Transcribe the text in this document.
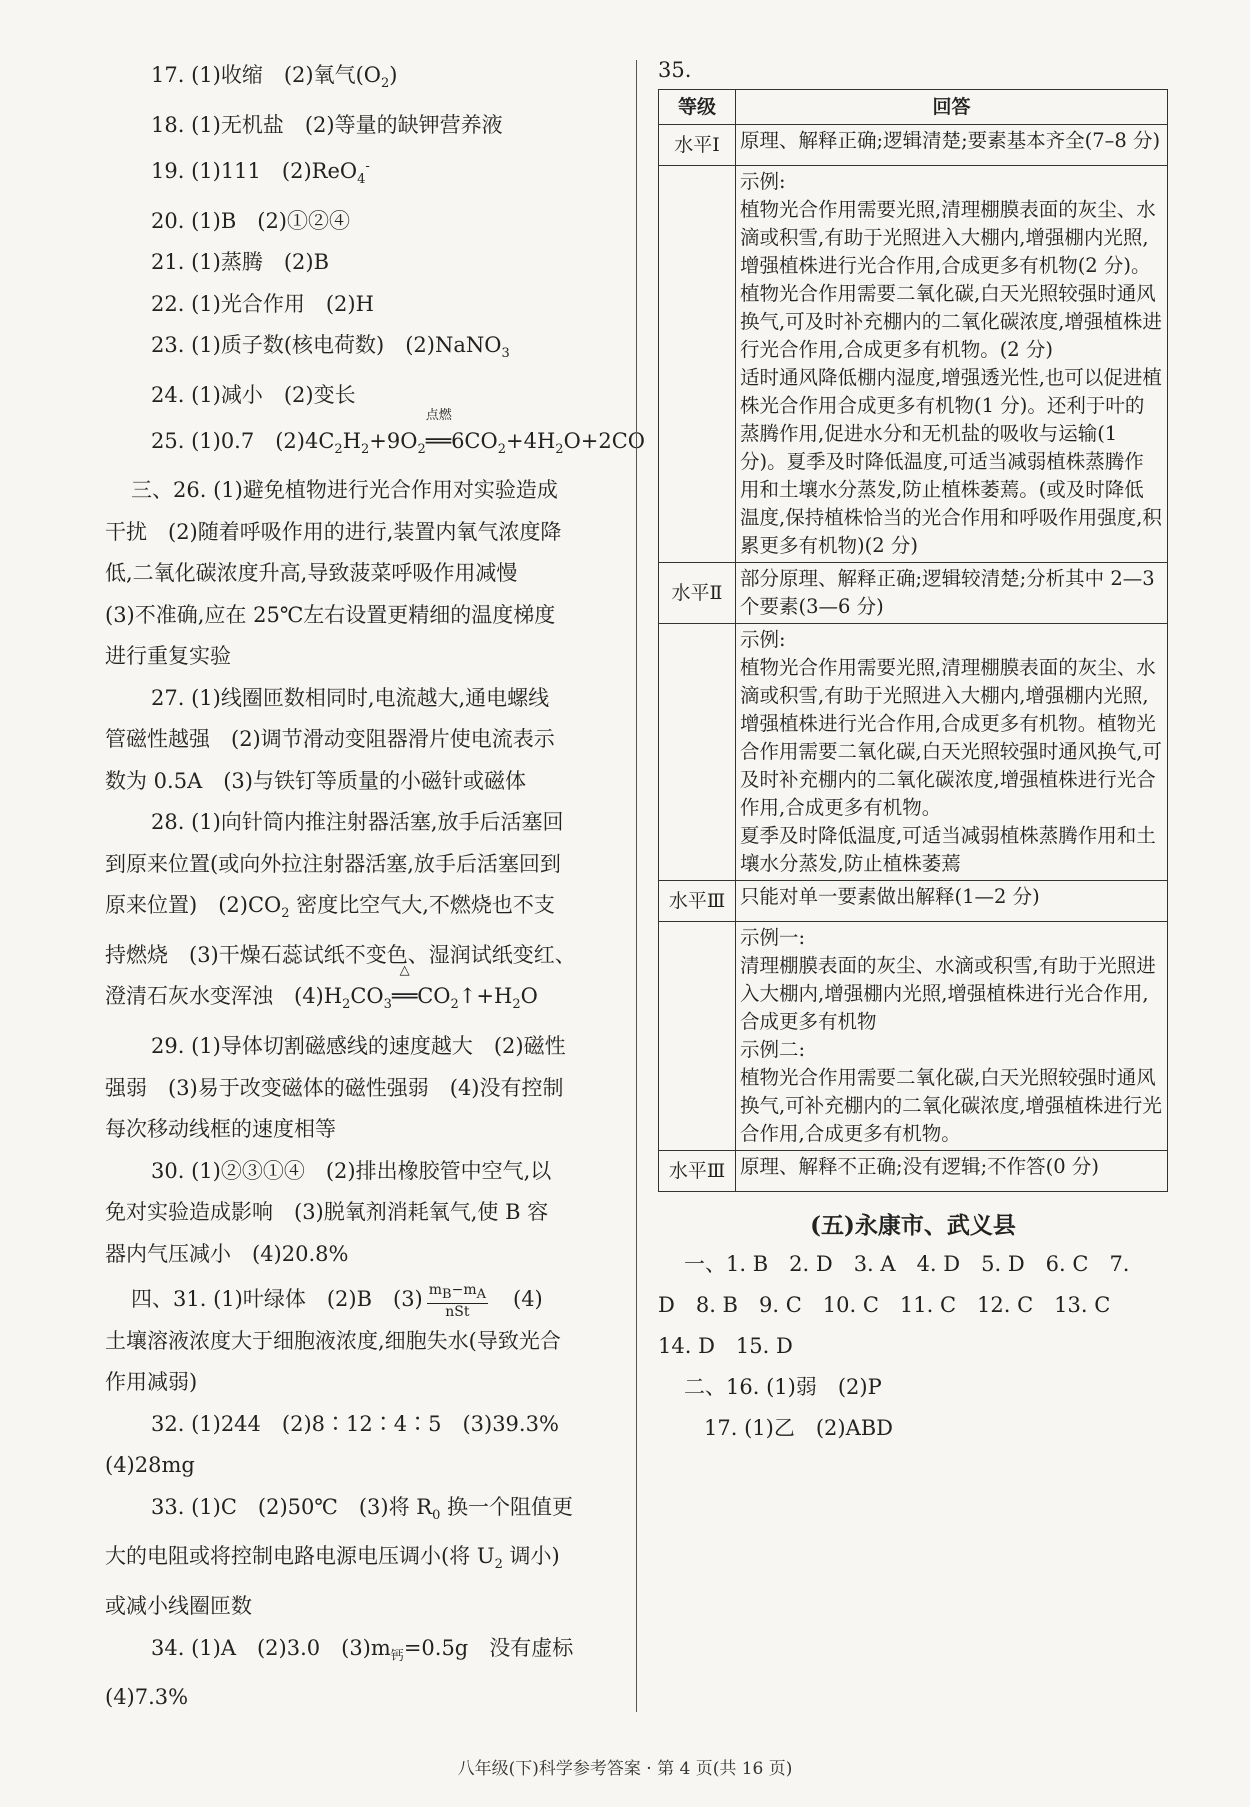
17. (1)收缩　(2)氧气$(O_2)$
18. (1)无机盐　(2)等量的缺钾营养液
19. (1)111　(2)ReO$_4$-
20. (1)B　(2)①②④
21. (1)蒸腾　(2)B
22. (1)光合作用　(2)H
23. (1)质子数(核电荷数)　(2)NaNO$_3$
24. (1)减小　(2)变长
25. (1)0.7　$(2)4C_2H_2+9O_2$
点燃
$══6CO_2+4H_2O+2CO$
三、26. (1)避免植物进行光合作用对实验造成
干扰　(2)随着呼吸作用的进行,装置内氧气浓度降
低,二氧化碳浓度升高,导致菠菜呼吸作用减慢
(3)不准确,应在 25℃左右设置更精细的温度梯度
进行重复实验
27. (1)线圈匝数相同时,电流越大,通电螺线
管磁性越强　(2)调节滑动变阻器滑片使电流表示
数为 0.5A　(3)与铁钉等质量的小磁针或磁体
28. (1)向针筒内推注射器活塞,放手后活塞回
到原来位置(或向外拉注射器活塞,放手后活塞回到
原来位置)　$(2)CO_2$ 密度比空气大,不燃烧也不支
持燃烧　(3)干燥石蕊试纸不变色、湿润试纸变红、
澄清石灰水变浑浊　$(4)H_2CO_3$
△
$══CO_2↑+H_2O$
29. (1)导体切割磁感线的速度越大　(2)磁性
强弱　(3)易于改变磁体的磁性强弱　(4)没有控制
每次移动线框的速度相等
30. (1)②③①④　(2)排出橡胶管中空气,以
免对实验造成影响　(3)脱氧剂消耗氧气,使 B 容
器内气压减小　(4)20.8%
四、31. (1)叶绿体　(2)B　$(3) \frac{m_B-m_A}{\text{nSt}}$ 　(4)
土壤溶液浓度大于细胞液浓度,细胞失水(导致光合
作用减弱)
32. (1)244　(2)8∶12∶4∶5　(3)39.3%
(4)28mg
33. (1)C　(2)50℃　(3)将 $R_0$ 换一个阻值更
大的电阻或将控制电路电源电压调小(将 $U_2$ 调小)
或减小线圈匝数
34. (1)A　(2)3.0　$(3)m_钙=0.5g$　没有虚标
(4)7.3%
35.
等级	回答
水平Ⅰ	原理、解释正确;逻辑清楚;要素基本齐全(7–8 分)
	示例:
植物光合作用需要光照,清理棚膜表面的灰尘、水滴或积雪,有助于光照进入大棚内,增强棚内光照,增强植株进行光合作用,合成更多有机物(2 分)。
植物光合作用需要二氧化碳,白天光照较强时通风换气,可及时补充棚内的二氧化碳浓度,增强植株进行光合作用,合成更多有机物。(2 分)
适时通风降低棚内湿度,增强透光性,也可以促进植株光合作用合成更多有机物(1 分)。还利于叶的蒸腾作用,促进水分和无机盐的吸收与运输(1 分)。夏季及时降低温度,可适当减弱植株蒸腾作用和土壤水分蒸发,防止植株萎蔫。(或及时降低温度,保持植株恰当的光合作用和呼吸作用强度,积累更多有机物)(2 分)
水平Ⅱ	部分原理、解释正确;逻辑较清楚;分析其中 2—3 个要素(3—6 分)
	示例:
植物光合作用需要光照,清理棚膜表面的灰尘、水滴或积雪,有助于光照进入大棚内,增强棚内光照,增强植株进行光合作用,合成更多有机物。植物光合作用需要二氧化碳,白天光照较强时通风换气,可及时补充棚内的二氧化碳浓度,增强植株进行光合作用,合成更多有机物。
夏季及时降低温度,可适当减弱植株蒸腾作用和土壤水分蒸发,防止植株萎蔫
水平Ⅲ	只能对单一要素做出解释(1—2 分)
	示例一:
清理棚膜表面的灰尘、水滴或积雪,有助于光照进入大棚内,增强棚内光照,增强植株进行光合作用,合成更多有机物
示例二:
植物光合作用需要二氧化碳,白天光照较强时通风换气,可补充棚内的二氧化碳浓度,增强植株进行光合作用,合成更多有机物。
水平Ⅲ	原理、解释不正确;没有逻辑;不作答(0 分)
(五)永康市、武义县
一、1. B　2. D　3. A　4. D　5. D　6. C　7.
D　8. B　9. C　10. C　11. C　12. C　13. C
14. D　15. D
二、16. (1)弱　(2)P
17. (1)乙　(2)ABD
八年级(下)科学参考答案 · 第 4 页(共 16 页)
